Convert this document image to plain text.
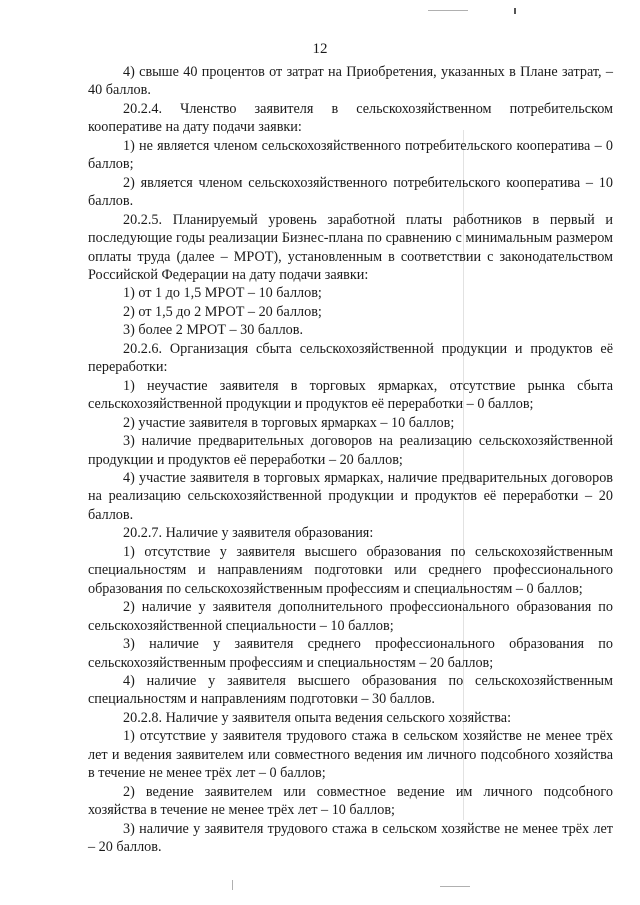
12

4) свыше 40 процентов от затрат на Приобретения, указанных в Плане затрат, – 40 баллов.

20.2.4. Членство заявителя в сельскохозяйственном потребительском кооперативе на дату подачи заявки:

1) не является членом сельскохозяйственного потребительского кооператива – 0 баллов;

2) является членом сельскохозяйственного потребительского кооператива – 10 баллов.

20.2.5. Планируемый уровень заработной платы работников в первый и последующие годы реализации Бизнес-плана по сравнению с минимальным размером оплаты труда (далее – МРОТ), установленным в соответствии с законодательством Российской Федерации на дату подачи заявки:

1) от 1 до 1,5 МРОТ – 10 баллов;

2) от 1,5 до 2 МРОТ – 20 баллов;

3) более 2 МРОТ – 30 баллов.

20.2.6. Организация сбыта сельскохозяйственной продукции и продуктов её переработки:

1) неучастие заявителя в торговых ярмарках, отсутствие рынка сбыта сельскохозяйственной продукции и продуктов её переработки – 0 баллов;

2) участие заявителя в торговых ярмарках – 10 баллов;

3) наличие предварительных договоров на реализацию сельскохозяйственной продукции и продуктов её переработки – 20 баллов;

4) участие заявителя в торговых ярмарках, наличие предварительных договоров на реализацию сельскохозяйственной продукции и продуктов её переработки – 20 баллов.

20.2.7. Наличие у заявителя образования:

1) отсутствие у заявителя высшего образования по сельскохозяйственным специальностям и направлениям подготовки или среднего профессионального образования по сельскохозяйственным профессиям и специальностям – 0 баллов;

2) наличие у заявителя дополнительного профессионального образования по сельскохозяйственной специальности – 10 баллов;

3) наличие у заявителя среднего профессионального образования по сельскохозяйственным профессиям и специальностям – 20 баллов;

4) наличие у заявителя высшего образования по сельскохозяйственным специальностям и направлениям подготовки – 30 баллов.

20.2.8. Наличие у заявителя опыта ведения сельского хозяйства:

1) отсутствие у заявителя трудового стажа в сельском хозяйстве не менее трёх лет и ведения заявителем или совместного ведения им личного подсобного хозяйства в течение не менее трёх лет – 0 баллов;

2) ведение заявителем или совместное ведение им личного подсобного хозяйства в течение не менее трёх лет – 10 баллов;

3) наличие у заявителя трудового стажа в сельском хозяйстве не менее трёх лет – 20 баллов.
